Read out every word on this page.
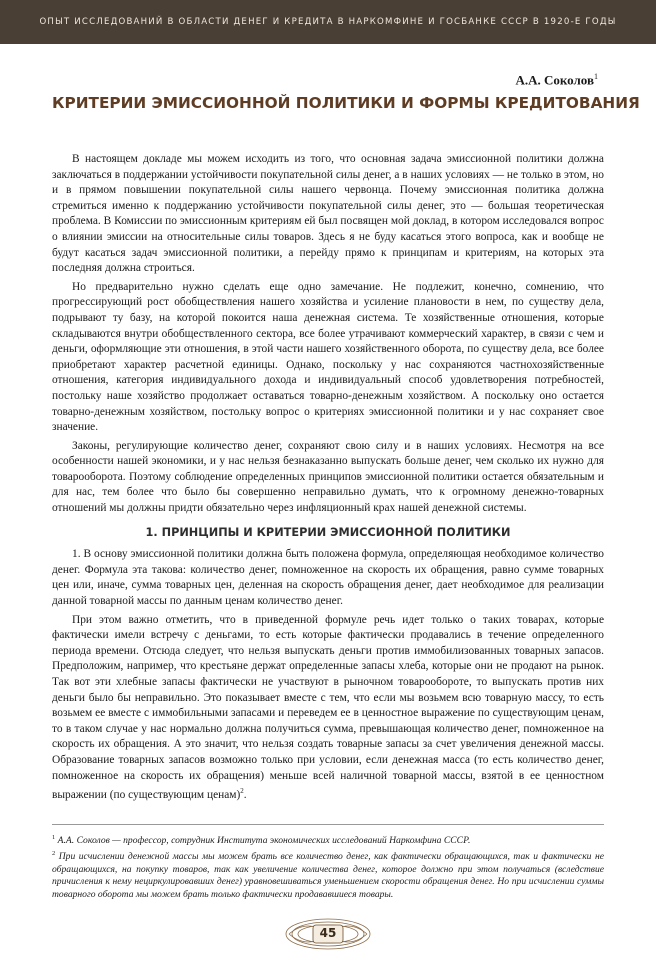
ОПЫТ ИССЛЕДОВАНИЙ В ОБЛАСТИ ДЕНЕГ И КРЕДИТА В НАРКОМФИНЕ И ГОСБАНКЕ СССР В 1920-Е ГОДЫ
А.А. Соколов$^1$
КРИТЕРИИ ЭМИССИОННОЙ ПОЛИТИКИ И ФОРМЫ КРЕДИТОВАНИЯ

В настоящем докладе мы можем исходить из того, что основная задача эмиссионной политики должна заключаться в поддержании устойчивости покупательной силы денег, а в наших условиях — не только в этом, но и в прямом повышении покупательной силы нашего червонца. Почему эмиссионная политика должна стремиться именно к поддержанию устойчивости покупательной силы денег, это — большая теоретическая проблема. В Комиссии по эмиссионным критериям ей был посвящен мой доклад, в котором исследовался вопрос о влиянии эмиссии на относительные силы товаров. Здесь я не буду касаться этого вопроса, как и вообще не будут касаться задач эмиссионной политики, а перейду прямо к принципам и критериям, на которых эта последняя должна строиться.

Но предварительно нужно сделать еще одно замечание. Не подлежит, конечно, сомнению, что прогрессирующий рост обобществления нашего хозяйства и усиление плановости в нем, по существу дела, подрывают ту базу, на которой покоится наша денежная система. Те хозяйственные отношения, которые складываются внутри обобществленного сектора, все более утрачивают коммерческий характер, в связи с чем и деньги, оформляющие эти отношения, в этой части нашего хозяйственного оборота, по существу дела, все более приобретают характер расчетной единицы. Однако, поскольку у нас сохраняются частнохозяйственные отношения, категория индивидуального дохода и индивидуальный способ удовлетворения потребностей, постольку наше хозяйство продолжает оставаться товарно-денежным хозяйством. А поскольку оно остается товарно-денежным хозяйством, постольку вопрос о критериях эмиссионной политики и у нас сохраняет свое значение.

Законы, регулирующие количество денег, сохраняют свою силу и в наших условиях. Несмотря на все особенности нашей экономики, и у нас нельзя безнаказанно выпускать больше денег, чем сколько их нужно для товарооборота. Поэтому соблюдение определенных принципов эмиссионной политики остается обязательным и для нас, тем более что было бы совершенно неправильно думать, что к огромному денежно-товарных отношений мы должны придти обязательно через инфляционный крах нашей денежной системы.

1. ПРИНЦИПЫ И КРИТЕРИИ ЭМИССИОННОЙ ПОЛИТИКИ

1. В основу эмиссионной политики должна быть положена формула, определяющая необходимое количество денег. Формула эта такова: количество денег, помноженное на скорость их обращения, равно сумме товарных цен или, иначе, сумма товарных цен, деленная на скорость обращения денег, дает необходимое для реализации данной товарной массы по данным ценам количество денег.

При этом важно отметить, что в приведенной формуле речь идет только о таких товарах, которые фактически имели встречу с деньгами, то есть которые фактически продавались в течение определенного периода времени. Отсюда следует, что нельзя выпускать деньги против иммобилизованных товарных запасов. Предположим, например, что крестьяне держат определенные запасы хлеба, которые они не продают на рынок. Так вот эти хлебные запасы фактически не участвуют в рыночном товарообороте, то выпускать против них деньги было бы неправильно. Это показывает вместе с тем, что если мы возьмем всю товарную массу, то есть возьмем ее вместе с иммобильными запасами и переведем ее в ценностное выражение по существующим ценам, то в таком случае у нас нормально должна получиться сумма, превышающая количество денег, помноженное на скорость их обращения. А это значит, что нельзя создать товарные запасы за счет увеличения денежной массы. Образование товарных запасов возможно только при условии, если денежная масса (то есть количество денег, помноженное на скорость их обращения) меньше всей наличной товарной массы, взятой в ее ценностном выражении (по существующим ценам)$^2$.

$^1$ А.А. Соколов — профессор, сотрудник Института экономических исследований Наркомфина СССР.

$^2$ При исчислении денежной массы мы можем брать все количество денег, как фактически обращающихся, так и фактически не обращающихся, на покупку товаров, так как увеличение количества денег, которое должно при этом получаться (вследствие причисления к нему нециркулировавших денег) уравновешиваться уменьшением скорости обращения денег. Но при исчислении суммы товарного оборота мы можем брать только фактически продававшиеся товары.

45
